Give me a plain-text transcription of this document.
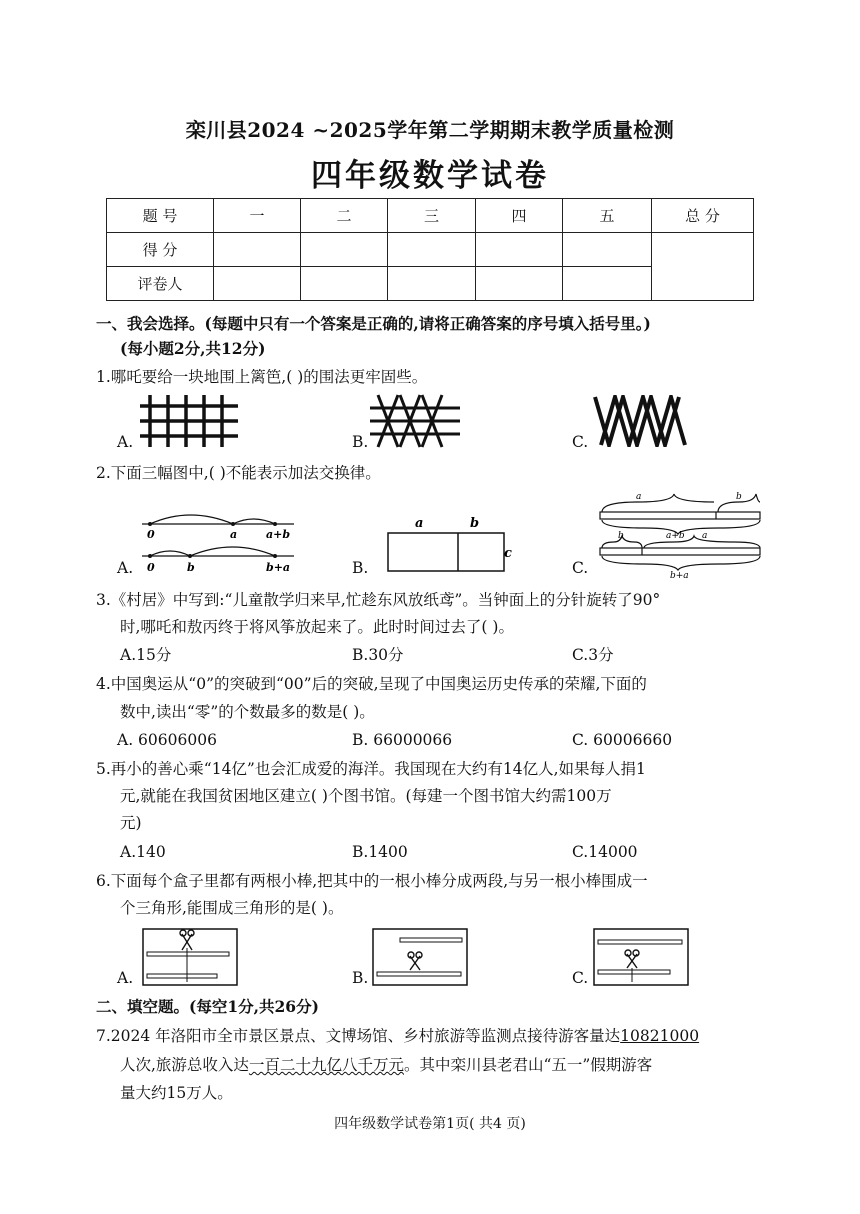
栾川县2024 ~2025学年第二学期期末教学质量检测
四年级数学试卷
题 号	一	二	三	四	五	总 分
得 分						
评卷人						
一、我会选择。(每题中只有一个答案是正确的,请将正确答案的序号填入括号里。)
(每小题2分,共12分)
1.哪吒要给一块地围上篱笆,( )的围法更牢固些。
A.	B.	C.
2.下面三幅图中,( )不能表示加法交换律。
A.	B.	C.
0	a	a+b
0	b	b+a
a	b
c
a	b
a+b
b	a
b+a
3.《村居》中写到:“儿童散学归来早,忙趁东风放纸鸢”。当钟面上的分针旋转了90°
时,哪吒和敖丙终于将风筝放起来了。此时时间过去了( )。
A.15分	B.30分	C.3分
4.中国奥运从“0”的突破到“00”后的突破,呈现了中国奥运历史传承的荣耀,下面的
数中,读出“零”的个数最多的数是( )。
A. 60606006	B. 66000066	C. 60006660
5.再小的善心乘“14亿”也会汇成爱的海洋。我国现在大约有14亿人,如果每人捐1
元,就能在我国贫困地区建立( )个图书馆。(每建一个图书馆大约需100万
元)
A.140	B.1400	C.14000
6.下面每个盒子里都有两根小棒,把其中的一根小棒分成两段,与另一根小棒围成一
个三角形,能围成三角形的是( )。
A.	B.	C.
二、填空题。(每空1分,共26分)
7.2024 年洛阳市全市景区景点、文博场馆、乡村旅游等监测点接待游客量达10821000
人次,旅游总收入达一百二十九亿八千万元。其中栾川县老君山“五一”假期游客
量大约15万人。
四年级数学试卷第1页( 共4 页)
